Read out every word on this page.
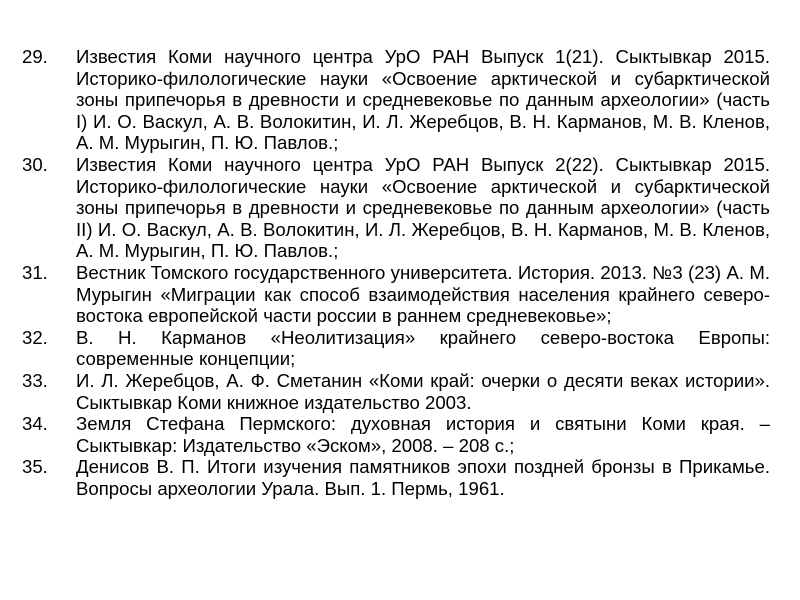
29.	Известия Коми научного центра УрО РАН Выпуск 1(21). Сыктывкар 2015. Историко-филологические науки «Освоение арктической и субарктической зоны припечорья в древности и средневековье по данным археологии» (часть I) И. О. Васкул, А. В. Волокитин, И. Л. Жеребцов, В. Н. Карманов, М. В. Кленов, А. М. Мурыгин, П. Ю. Павлов.;
30.	Известия Коми научного центра УрО РАН Выпуск 2(22). Сыктывкар 2015. Историко-филологические науки «Освоение арктической и субарктической зоны припечорья в древности и средневековье по данным археологии» (часть II) И. О. Васкул, А. В. Волокитин, И. Л. Жеребцов, В. Н. Карманов, М. В. Кленов, А. М. Мурыгин, П. Ю. Павлов.;
31.	Вестник Томского государственного университета. История. 2013. №3 (23) А. М. Мурыгин «Миграции как способ взаимодействия населения крайнего северо-востока европейской части россии в раннем средневековье»;
32.	В. Н. Карманов «Неолитизация» крайнего северо-востока Европы: современные концепции;
33.	И. Л. Жеребцов, А. Ф. Сметанин «Коми край: очерки о десяти веках истории». Сыктывкар Коми книжное издательство 2003.
34.	Земля Стефана Пермского: духовная история и святыни Коми края. – Сыктывкар: Издательство «Эском», 2008. – 208 с.;
35.	Денисов В. П. Итоги изучения памятников эпохи поздней бронзы в Прикамье. Вопросы археологии Урала. Вып. 1. Пермь, 1961.
